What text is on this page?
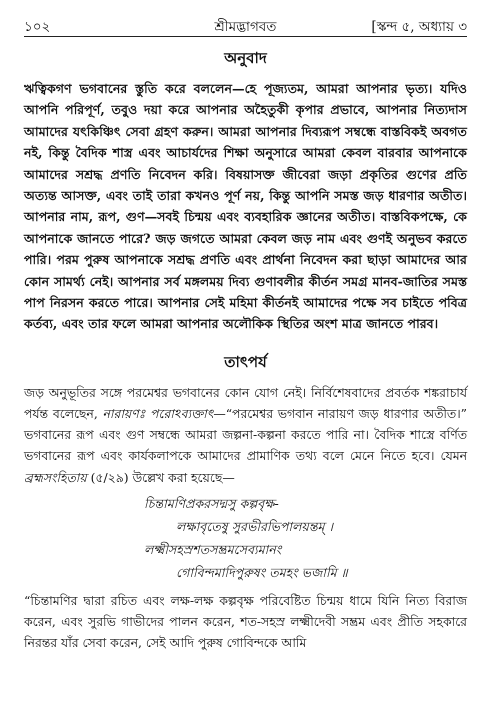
১০২	শ্রীমদ্ভাগবত	[স্কন্দ ৫, অধ্যায় ৩
অনুবাদ

ঋত্বিকগণ ভগবানের স্তুতি করে বললেন—হে পূজ্যতম, আমরা আপনার ভৃত্য। যদিও আপনি পরিপূর্ণ, তবুও দয়া করে আপনার অহৈতুকী কৃপার প্রভাবে, আপনার নিত্যদাস আমাদের যৎকিঞ্চিৎ সেবা গ্রহণ করুন। আমরা আপনার দিব্যরূপ সম্বন্ধে বাস্তবিকই অবগত নই, কিন্তু বৈদিক শাস্ত্র এবং আচার্যদের শিক্ষা অনুসারে আমরা কেবল বারবার আপনাকে আমাদের সশ্রদ্ধ প্রণতি নিবেদন করি। বিষয়াসক্ত জীবেরা জড়া প্রকৃতির গুণের প্রতি অত্যন্ত আসক্ত, এবং তাই তারা কখনও পূর্ণ নয়, কিন্তু আপনি সমস্ত জড় ধারণার অতীত। আপনার নাম, রূপ, গুণ—সবই চিন্ময় এবং ব্যবহারিক জ্ঞানের অতীত। বাস্তবিকপক্ষে, কে আপনাকে জানতে পারে? জড় জগতে আমরা কেবল জড় নাম এবং গুণই অনুভব করতে পারি। পরম পুরুষ আপনাকে সশ্রদ্ধ প্রণতি এবং প্রার্থনা নিবেদন করা ছাড়া আমাদের আর কোন সামর্থ্য নেই। আপনার সর্ব মঙ্গলময় দিব্য গুণাবলীর কীর্তন সমগ্র মানব-জাতির সমস্ত পাপ নিরসন করতে পারে। আপনার সেই মহিমা কীর্তনই আমাদের পক্ষে সব চাইতে পবিত্র কর্তব্য, এবং তার ফলে আমরা আপনার অলৌকিক স্থিতির অংশ মাত্র জানতে পারব।

তাৎপর্য

জড় অনুভূতির সঙ্গে পরমেশ্বর ভগবানের কোন যোগ নেই। নির্বিশেষবাদের প্রবর্তক শঙ্করাচার্য পর্যন্ত বলেছেন, নারায়ণঃ পরোঽব্যক্তাৎ—“পরমেশ্বর ভগবান নারায়ণ জড় ধারণার অতীত।” ভগবানের রূপ এবং গুণ সম্বন্ধে আমরা জল্পনা-কল্পনা করতে পারি না। বৈদিক শাস্ত্রে বর্ণিত ভগবানের রূপ এবং কার্যকলাপকে আমাদের প্রামাণিক তথ্য বলে মেনে নিতে হবে। যেমন ব্রহ্মসংহিতায় (৫/২৯) উল্লেখ করা হয়েছে—

চিন্তামণিপ্রকরসদ্মসু কল্পবৃক্ষ-
লক্ষাবৃতেষু সুরভীরভিপালয়ন্তম্ ।
লক্ষ্মীসহস্রশতসম্ভ্রমসেব্যমানং
গোবিন্দমাদিপুরুষং তমহং ভজামি ॥

“চিন্তামণির দ্বারা রচিত এবং লক্ষ-লক্ষ কল্পবৃক্ষ পরিবেষ্টিত চিন্ময় ধামে যিনি নিত্য বিরাজ করেন, এবং সুরভি গাভীদের পালন করেন, শত-সহস্র লক্ষ্মীদেবী সম্ভ্রম এবং প্রীতি সহকারে নিরন্তর যাঁর সেবা করেন, সেই আদি পুরুষ গোবিন্দকে আমি
